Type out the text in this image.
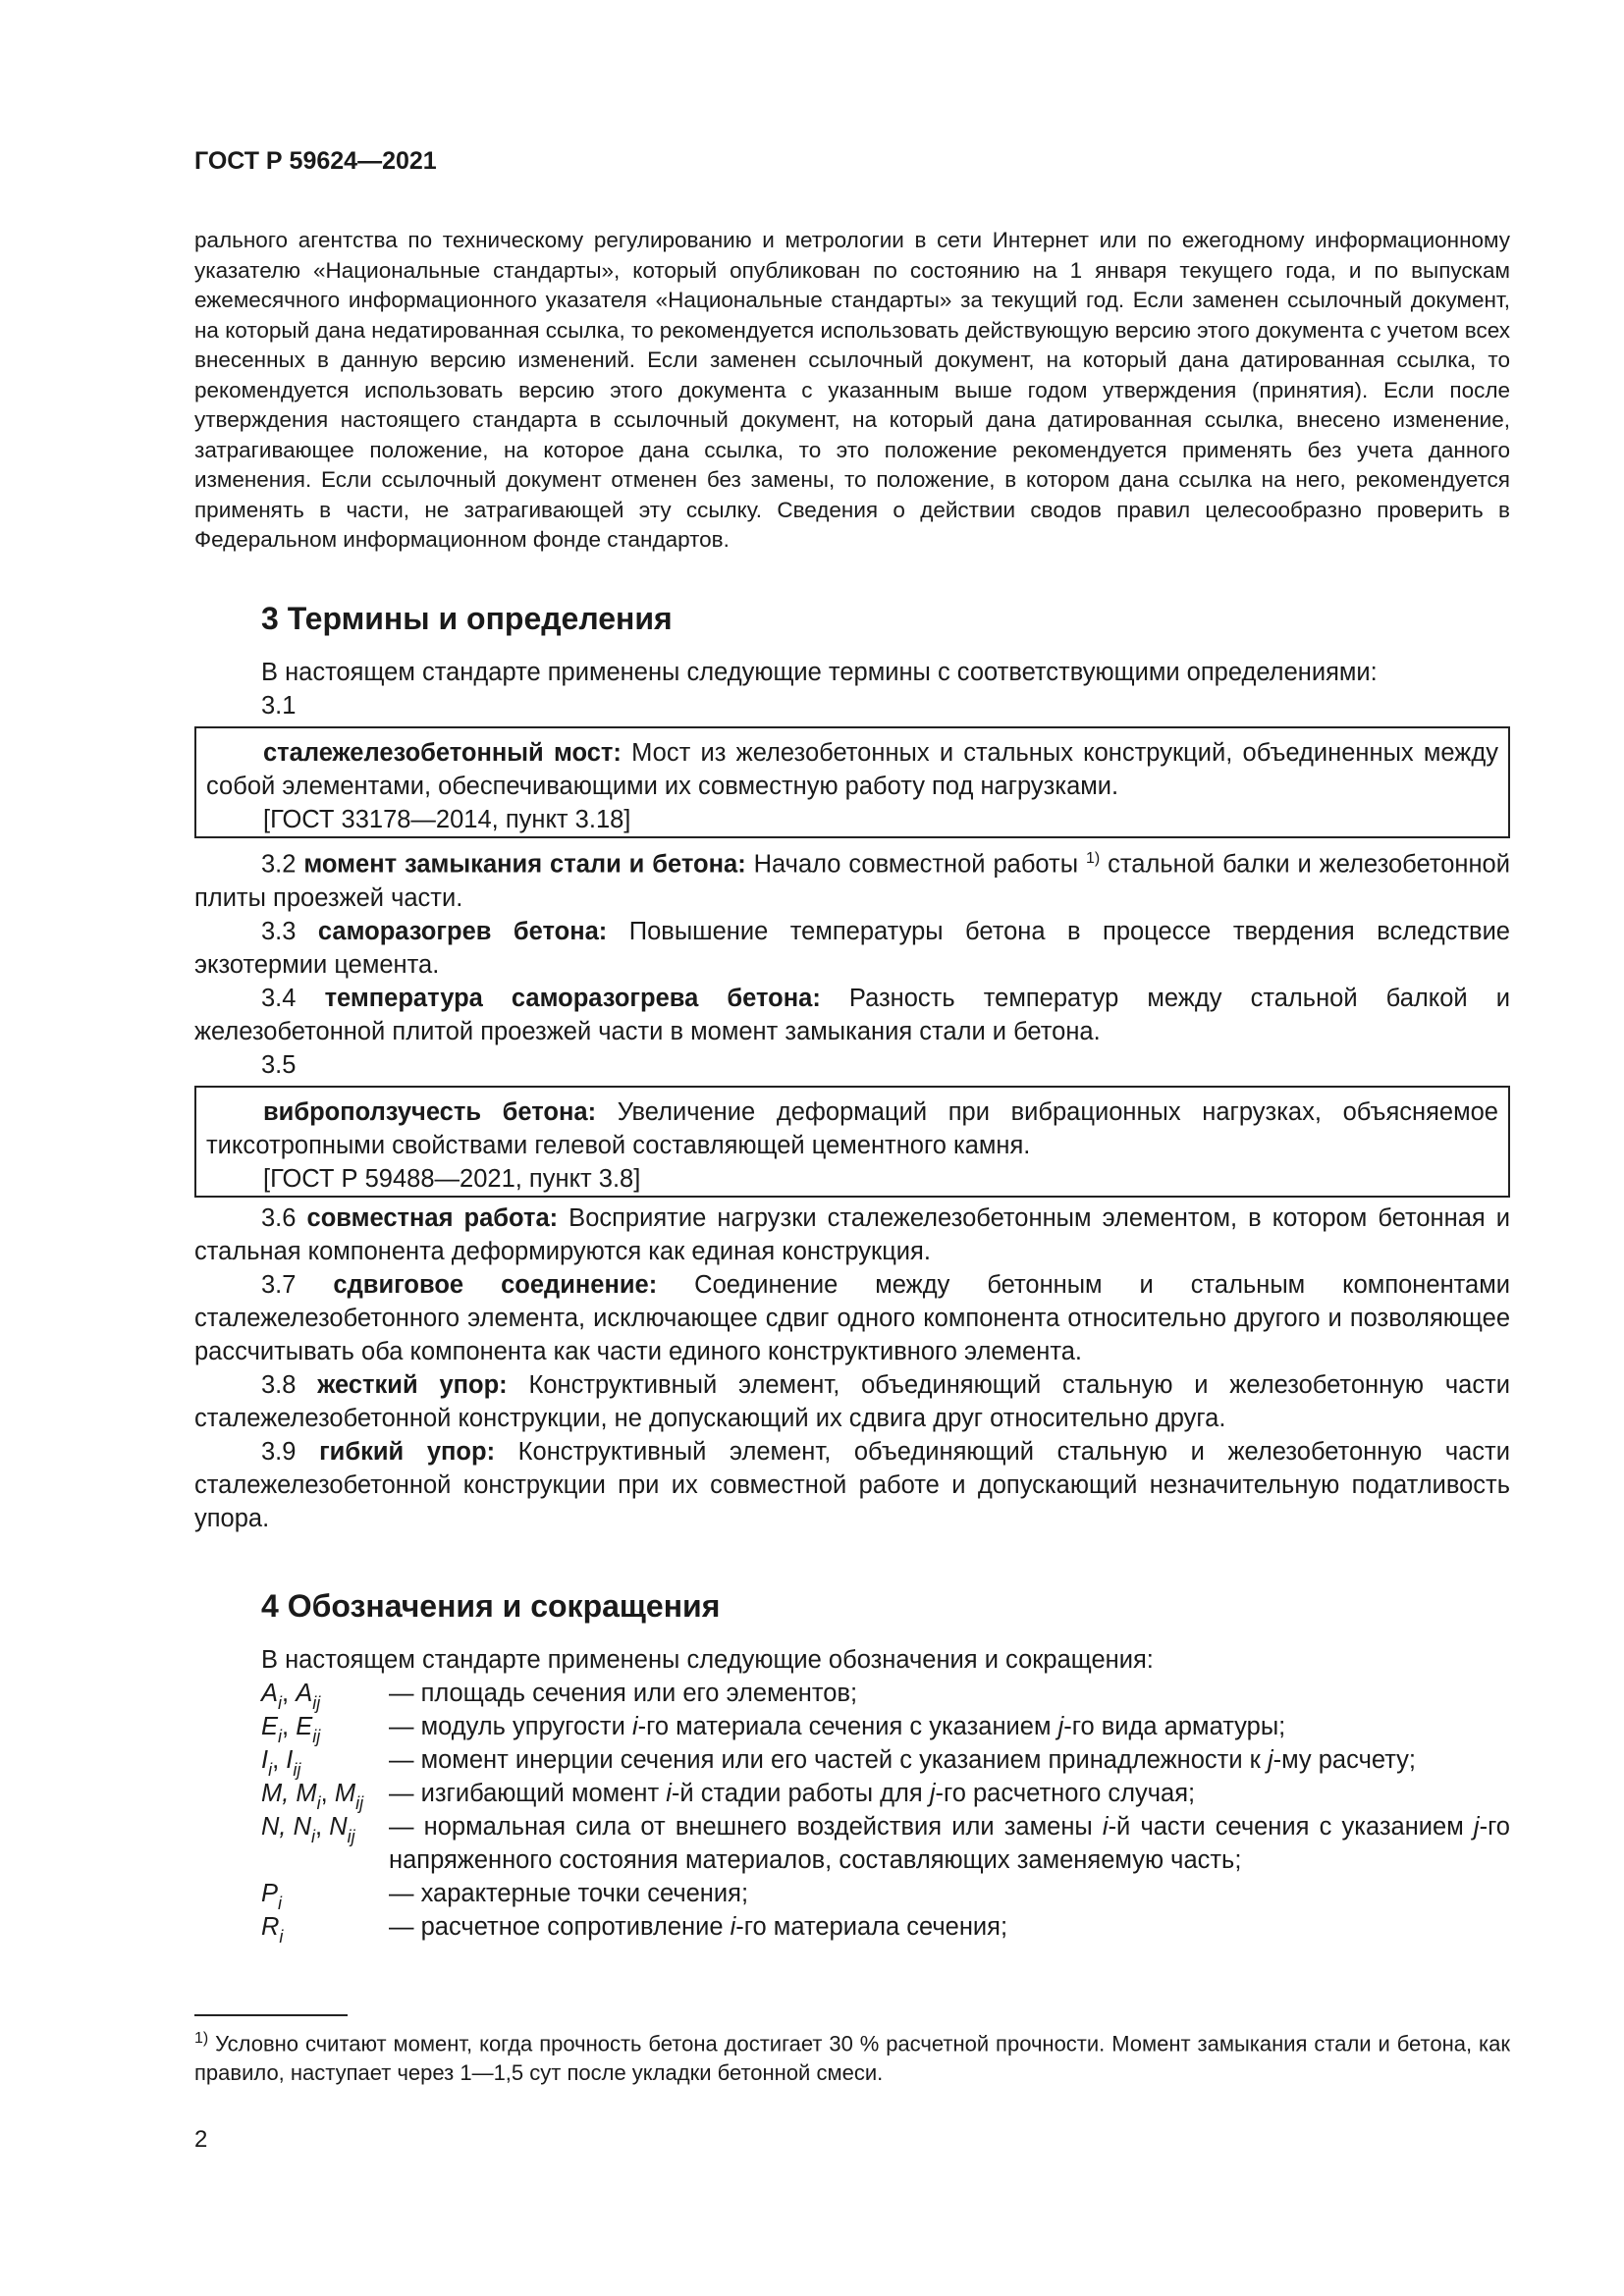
ГОСТ Р 59624—2021
рального агентства по техническому регулированию и метрологии в сети Интернет или по ежегодному информационному указателю «Национальные стандарты», который опубликован по состоянию на 1 января текущего года, и по выпускам ежемесячного информационного указателя «Национальные стандарты» за текущий год. Если заменен ссылочный документ, на который дана недатированная ссылка, то рекомендуется использовать действующую версию этого документа с учетом всех внесенных в данную версию изменений. Если заменен ссылочный документ, на который дана датированная ссылка, то рекомендуется использовать версию этого документа с указанным выше годом утверждения (принятия). Если после утверждения настоящего стандарта в ссылочный документ, на который дана датированная ссылка, внесено изменение, затрагивающее положение, на которое дана ссылка, то это положение рекомендуется применять без учета данного изменения. Если ссылочный документ отменен без замены, то положение, в котором дана ссылка на него, рекомендуется применять в части, не затрагивающей эту ссылку. Сведения о действии сводов правил целесообразно проверить в Федеральном информационном фонде стандартов.
3 Термины и определения
В настоящем стандарте применены следующие термины с соответствующими определениями:
3.1
сталежелезобетонный мост: Мост из железобетонных и стальных конструкций, объединенных между собой элементами, обеспечивающими их совместную работу под нагрузками.
[ГОСТ 33178—2014, пункт 3.18]
3.2 момент замыкания стали и бетона: Начало совместной работы $^{1)}$ стальной балки и железобетонной плиты проезжей части.
3.3 саморазогрев бетона: Повышение температуры бетона в процессе твердения вследствие экзотермии цемента.
3.4 температура саморазогрева бетона: Разность температур между стальной балкой и железобетонной плитой проезжей части в момент замыкания стали и бетона.
3.5
виброползучесть бетона: Увеличение деформаций при вибрационных нагрузках, объясняемое тиксотропными свойствами гелевой составляющей цементного камня.
[ГОСТ Р 59488—2021, пункт 3.8]
3.6 совместная работа: Восприятие нагрузки сталежелезобетонным элементом, в котором бетонная и стальная компонента деформируются как единая конструкция.
3.7 сдвиговое соединение: Соединение между бетонным и стальным компонентами сталежелезобетонного элемента, исключающее сдвиг одного компонента относительно другого и позволяющее рассчитывать оба компонента как части единого конструктивного элемента.
3.8 жесткий упор: Конструктивный элемент, объединяющий стальную и железобетонную части сталежелезобетонной конструкции, не допускающий их сдвига друг относительно друга.
3.9 гибкий упор: Конструктивный элемент, объединяющий стальную и железобетонную части сталежелезобетонной конструкции при их совместной работе и допускающий незначительную податливость упора.
4 Обозначения и сокращения
В настоящем стандарте применены следующие обозначения и сокращения:
$A_i$, $A_{ij}$	— площадь сечения или его элементов;
$E_i$, $E_{ij}$	— модуль упругости i-го материала сечения с указанием j-го вида арматуры;
$I_i$, $I_{ij}$	— момент инерции сечения или его частей с указанием принадлежности к j-му расчету;
M, $M_i$, $M_{ij}$ — изгибающий момент i-й стадии работы для j-го расчетного случая;
N, $N_i$, $N_{ij}$ — нормальная сила от внешнего воздействия или замены i-й части сечения с указанием j-го напряженного состояния материалов, составляющих заменяемую часть;
$P_i$	— характерные точки сечения;
$R_i$	— расчетное сопротивление i-го материала сечения;
$^{1)}$ Условно считают момент, когда прочность бетона достигает 30 % расчетной прочности. Момент замыкания стали и бетона, как правило, наступает через 1—1,5 сут после укладки бетонной смеси.
2
